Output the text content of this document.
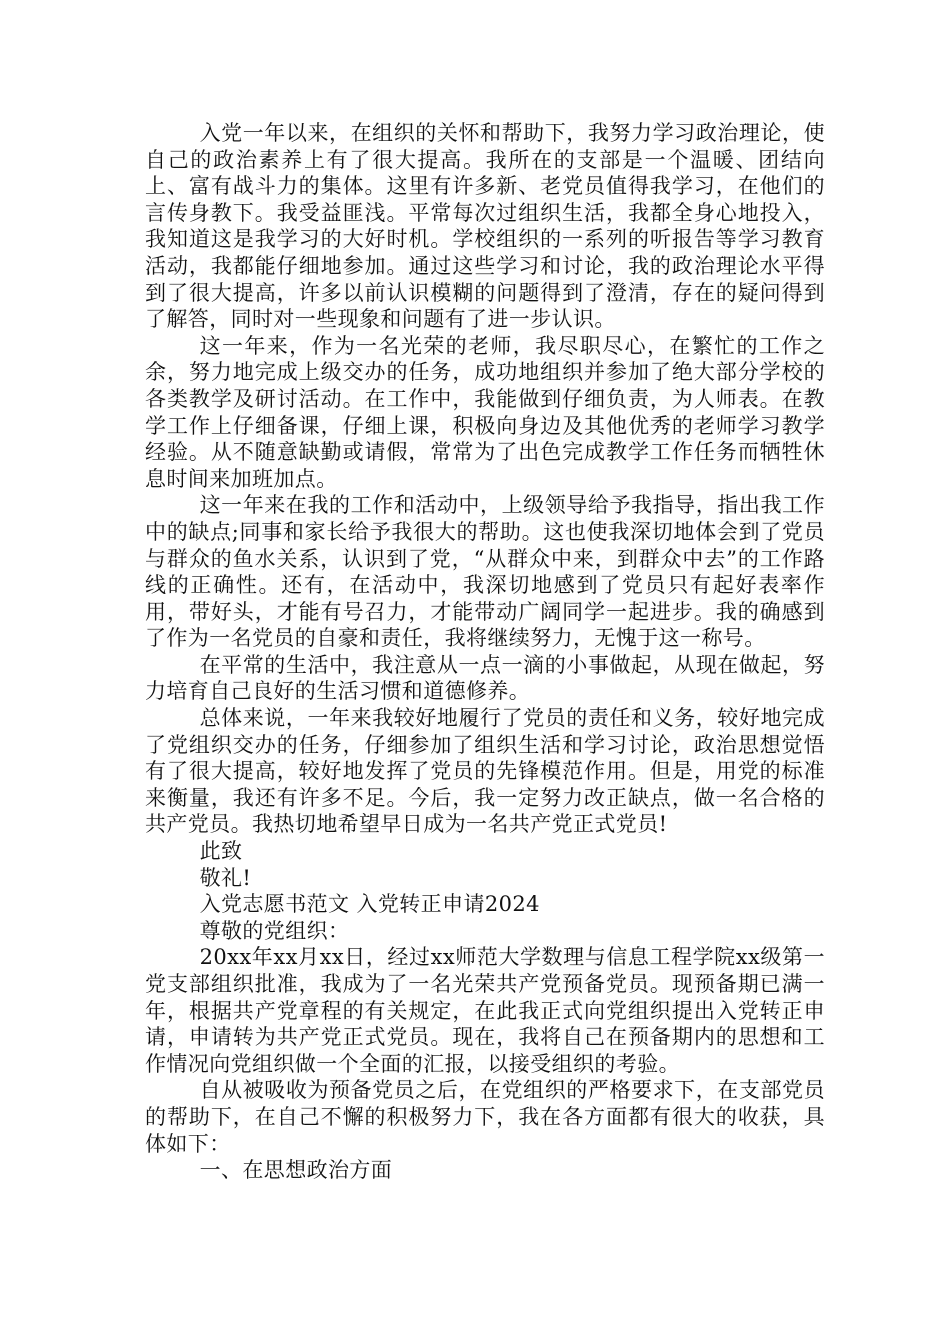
入党一年以来，在组织的关怀和帮助下，我努力学习政治理论，使自己的政治素养上有了很大提高。我所在的支部是一个温暖、团结向上、富有战斗力的集体。这里有许多新、老党员值得我学习，在他们的言传身教下。我受益匪浅。平常每次过组织生活，我都全身心地投入，我知道这是我学习的大好时机。学校组织的一系列的听报告等学习教育活动，我都能仔细地参加。通过这些学习和讨论，我的政治理论水平得到了很大提高，许多以前认识模糊的问题得到了澄清，存在的疑问得到了解答，同时对一些现象和问题有了进一步认识。

这一年来，作为一名光荣的老师，我尽职尽心，在繁忙的工作之余，努力地完成上级交办的任务，成功地组织并参加了绝大部分学校的各类教学及研讨活动。在工作中，我能做到仔细负责，为人师表。在教学工作上仔细备课，仔细上课，积极向身边及其他优秀的老师学习教学经验。从不随意缺勤或请假，常常为了出色完成教学工作任务而牺牲休息时间来加班加点。

这一年来在我的工作和活动中，上级领导给予我指导，指出我工作中的缺点;同事和家长给予我很大的帮助。这也使我深切地体会到了党员与群众的鱼水关系，认识到了党，“从群众中来，到群众中去”的工作路线的正确性。还有，在活动中，我深切地感到了党员只有起好表率作用，带好头，才能有号召力，才能带动广阔同学一起进步。我的确感到了作为一名党员的自豪和责任，我将继续努力，无愧于这一称号。

在平常的生活中，我注意从一点一滴的小事做起，从现在做起，努力培育自己良好的生活习惯和道德修养。

总体来说，一年来我较好地履行了党员的责任和义务，较好地完成了党组织交办的任务，仔细参加了组织生活和学习讨论，政治思想觉悟有了很大提高，较好地发挥了党员的先锋模范作用。但是，用党的标准来衡量，我还有许多不足。今后，我一定努力改正缺点，做一名合格的共产党员。我热切地希望早日成为一名共产党正式党员!

此致

敬礼!

入党志愿书范文 入党转正申请2024

尊敬的党组织：

20xx年xx月xx日，经过xx师范大学数理与信息工程学院xx级第一党支部组织批准，我成为了一名光荣共产党预备党员。现预备期已满一年，根据共产党章程的有关规定，在此我正式向党组织提出入党转正申请，申请转为共产党正式党员。现在，我将自己在预备期内的思想和工作情况向党组织做一个全面的汇报，以接受组织的考验。

自从被吸收为预备党员之后，在党组织的严格要求下，在支部党员的帮助下，在自己不懈的积极努力下，我在各方面都有很大的收获，具体如下：

一、在思想政治方面
